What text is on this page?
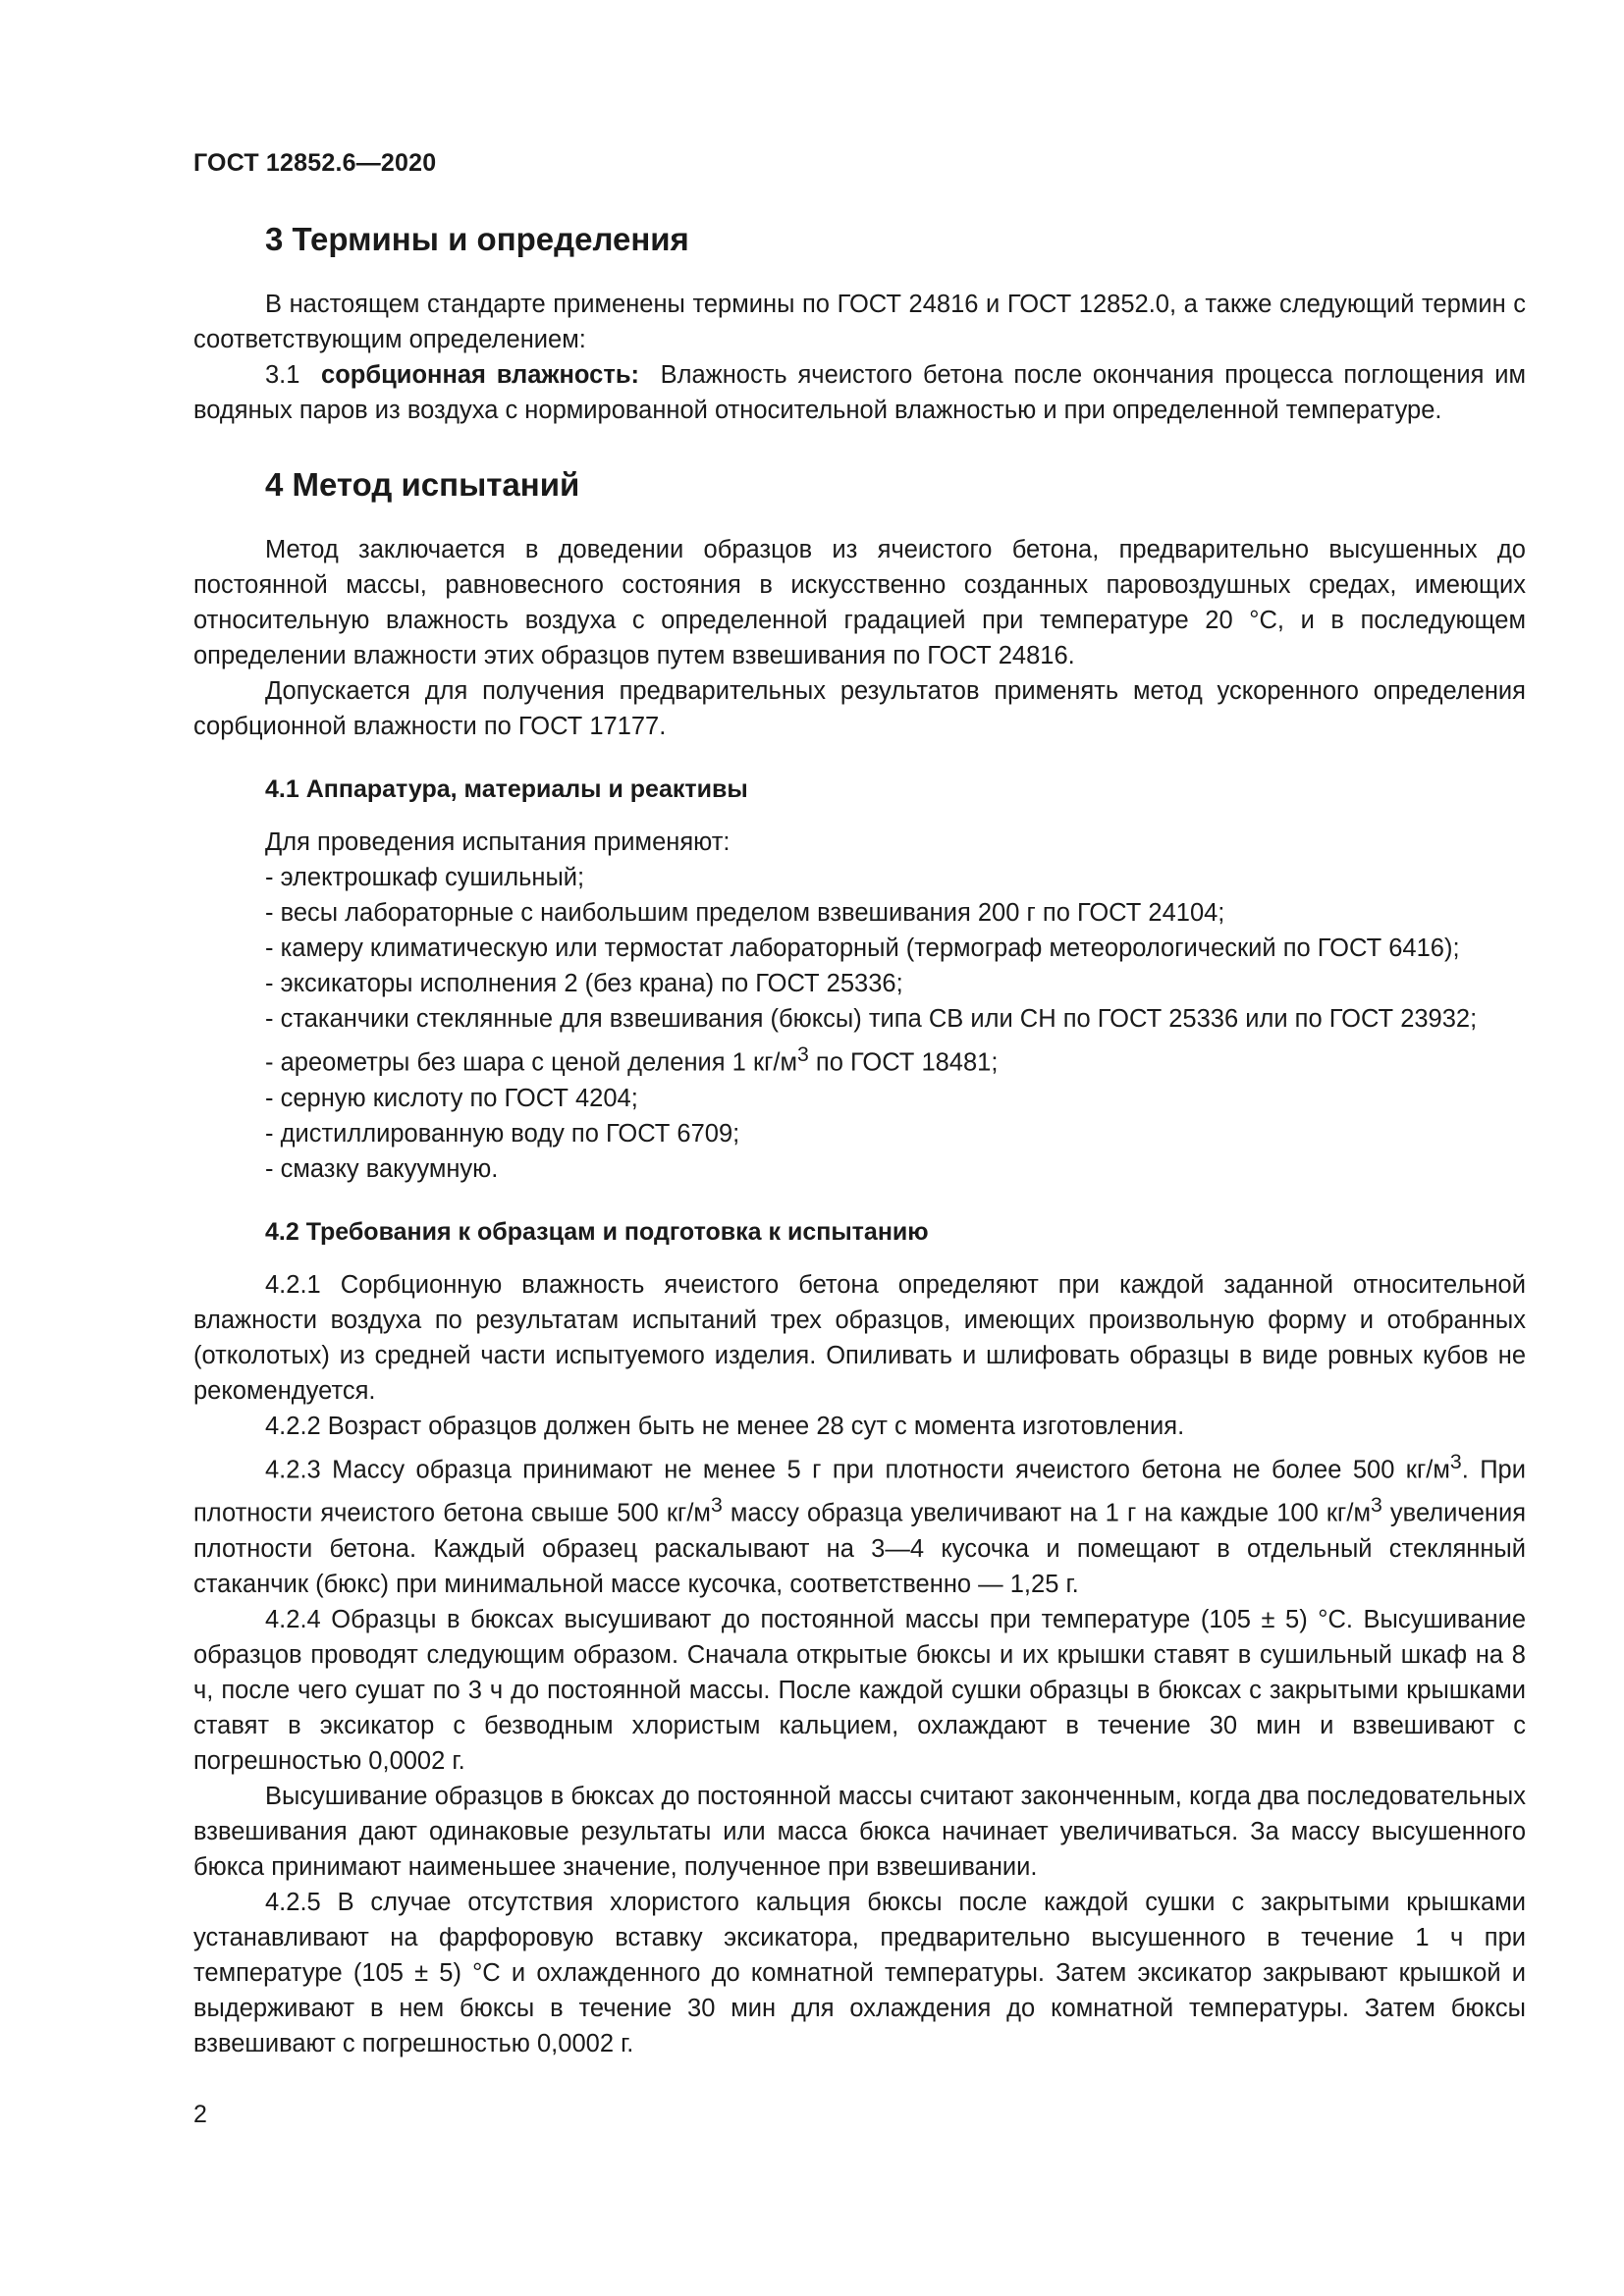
ГОСТ 12852.6—2020
3 Термины и определения

В настоящем стандарте применены термины по ГОСТ 24816 и ГОСТ 12852.0, а также следующий термин с соответствующим определением:

3.1 сорбционная влажность: Влажность ячеистого бетона после окончания процесса поглощения им водяных паров из воздуха с нормированной относительной влажностью и при определенной температуре.

4 Метод испытаний

Метод заключается в доведении образцов из ячеистого бетона, предварительно высушенных до постоянной массы, равновесного состояния в искусственно созданных паровоздушных средах, имеющих относительную влажность воздуха с определенной градацией при температуре 20 °С, и в последующем определении влажности этих образцов путем взвешивания по ГОСТ 24816.

Допускается для получения предварительных результатов применять метод ускоренного определения сорбционной влажности по ГОСТ 17177.

4.1 Аппаратура, материалы и реактивы

Для проведения испытания применяют:

- электрошкаф сушильный;

- весы лабораторные с наибольшим пределом взвешивания 200 г по ГОСТ 24104;

- камеру климатическую или термостат лабораторный (термограф метеорологический по ГОСТ 6416);

- эксикаторы исполнения 2 (без крана) по ГОСТ 25336;

- стаканчики стеклянные для взвешивания (бюксы) типа СВ или СН по ГОСТ 25336 или по ГОСТ 23932;

- ареометры без шара с ценой деления 1 $кг/м^3$ по ГОСТ 18481;

- серную кислоту по ГОСТ 4204;

- дистиллированную воду по ГОСТ 6709;

- смазку вакуумную.

4.2 Требования к образцам и подготовка к испытанию

4.2.1 Сорбционную влажность ячеистого бетона определяют при каждой заданной относительной влажности воздуха по результатам испытаний трех образцов, имеющих произвольную форму и отобранных (отколотых) из средней части испытуемого изделия. Опиливать и шлифовать образцы в виде ровных кубов не рекомендуется.

4.2.2 Возраст образцов должен быть не менее 28 сут с момента изготовления.

4.2.3 Массу образца принимают не менее 5 г при плотности ячеистого бетона не более 500 $кг/м^3$. При плотности ячеистого бетона свыше 500 $кг/м^3$ массу образца увеличивают на 1 г на каждые 100 $кг/м^3$ увеличения плотности бетона. Каждый образец раскалывают на 3—4 кусочка и помещают в отдельный стеклянный стаканчик (бюкс) при минимальной массе кусочка, соответственно — 1,25 г.

4.2.4 Образцы в бюксах высушивают до постоянной массы при температуре (105 ± 5) °С. Высушивание образцов проводят следующим образом. Сначала открытые бюксы и их крышки ставят в сушильный шкаф на 8 ч, после чего сушат по 3 ч до постоянной массы. После каждой сушки образцы в бюксах с закрытыми крышками ставят в эксикатор с безводным хлористым кальцием, охлаждают в течение 30 мин и взвешивают с погрешностью 0,0002 г.

Высушивание образцов в бюксах до постоянной массы считают законченным, когда два последовательных взвешивания дают одинаковые результаты или масса бюкса начинает увеличиваться. За массу высушенного бюкса принимают наименьшее значение, полученное при взвешивании.

4.2.5 В случае отсутствия хлористого кальция бюксы после каждой сушки с закрытыми крышками устанавливают на фарфоровую вставку эксикатора, предварительно высушенного в течение 1 ч при температуре (105 ± 5) °С и охлажденного до комнатной температуры. Затем эксикатор закрывают крышкой и выдерживают в нем бюксы в течение 30 мин для охлаждения до комнатной температуры. Затем бюксы взвешивают с погрешностью 0,0002 г.

2
